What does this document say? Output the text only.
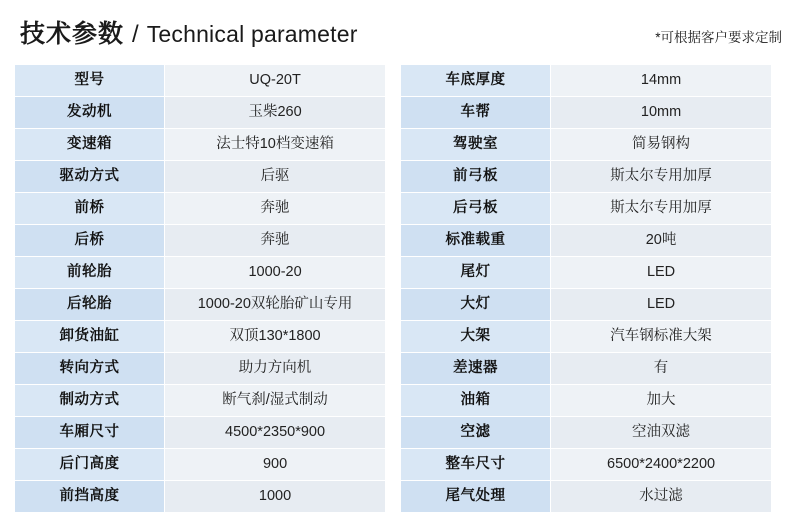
技术参数 / Technical parameter	*可根据客户要求定制
型号	UQ-20T
发动机	玉柴260
变速箱	法士特10档变速箱
驱动方式	后驱
前桥	奔驰
后桥	奔驰
前轮胎	1000-20
后轮胎	1000-20双轮胎矿山专用
卸货油缸	双顶130*1800
转向方式	助力方向机
制动方式	断气刹/湿式制动
车厢尺寸	4500*2350*900
后门高度	900
前挡高度	1000
车底厚度	14mm
车帮	10mm
驾驶室	简易钢构
前弓板	斯太尔专用加厚
后弓板	斯太尔专用加厚
标准载重	20吨
尾灯	LED
大灯	LED
大架	汽车钢标准大架
差速器	有
油箱	加大
空滤	空油双滤
整车尺寸	6500*2400*2200
尾气处理	水过滤
